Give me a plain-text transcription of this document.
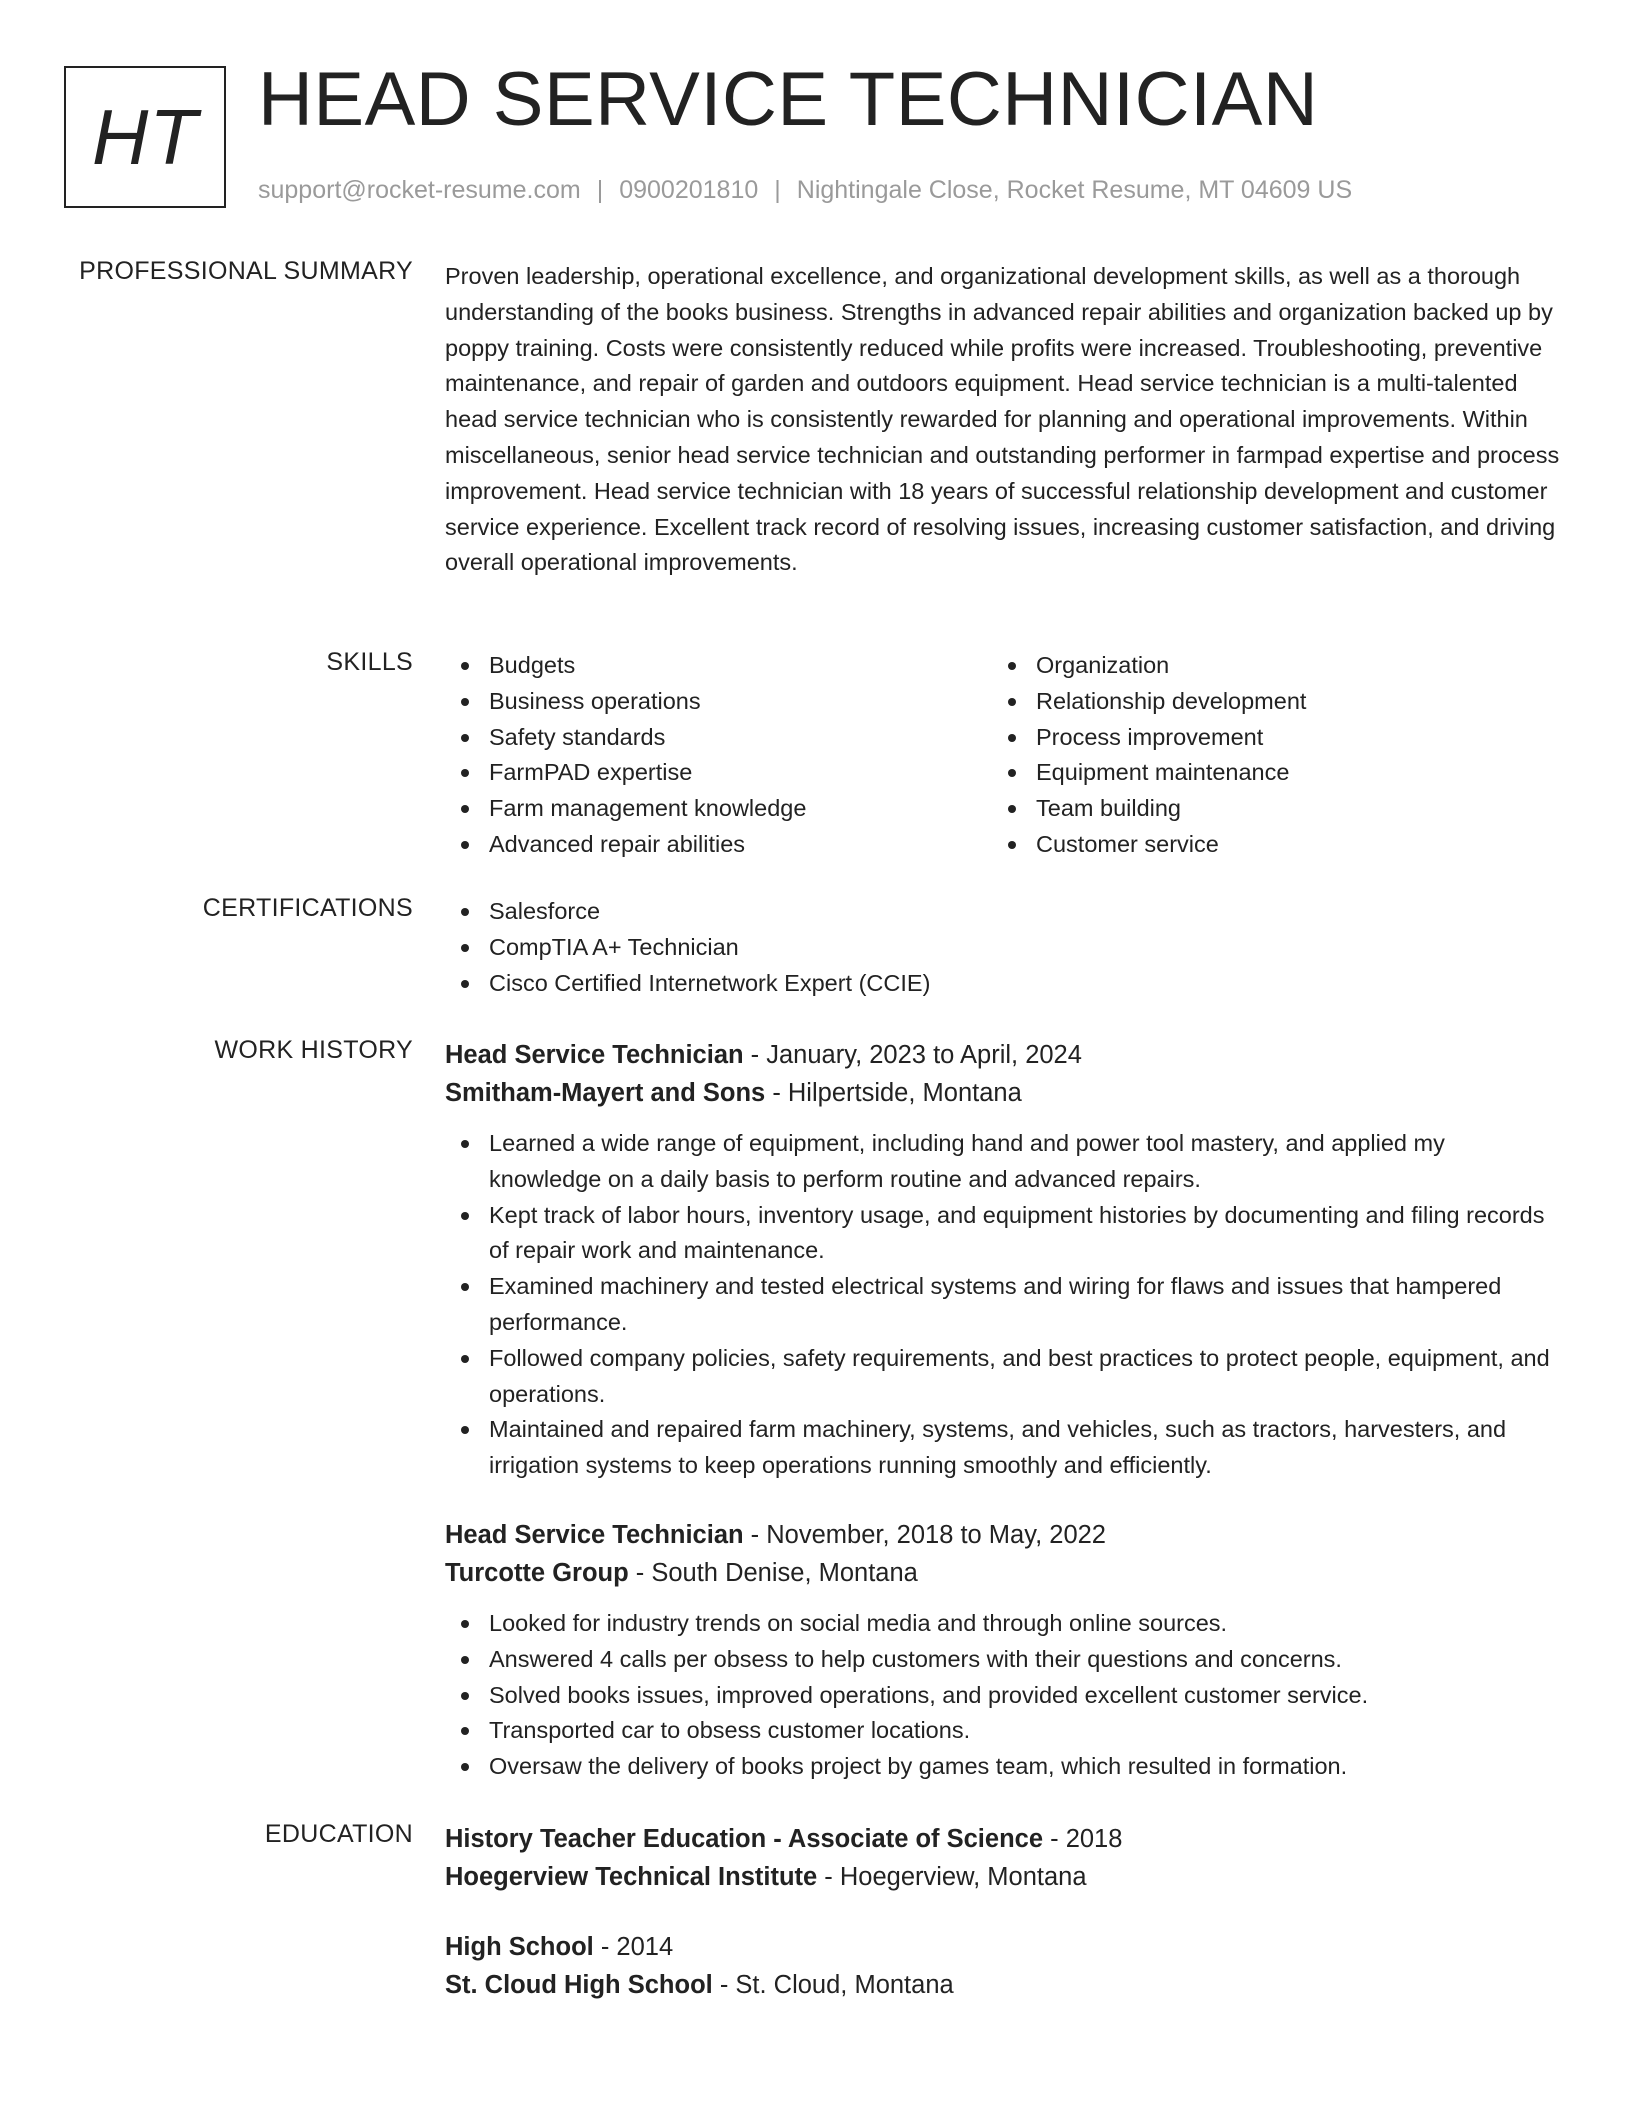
HT HEAD SERVICE TECHNICIAN
support@rocket-resume.com | 0900201810 | Nightingale Close, Rocket Resume, MT 04609 US
PROFESSIONAL SUMMARY Proven leadership, operational excellence, and organizational development skills, as well as a thorough understanding of the books business. Strengths in advanced repair abilities and organization backed up by poppy training. Costs were consistently reduced while profits were increased. Troubleshooting, preventive maintenance, and repair of garden and outdoors equipment. Head service technician is a multi-talented head service technician who is consistently rewarded for planning and operational improvements. Within miscellaneous, senior head service technician and outstanding performer in farmpad expertise and process improvement. Head service technician with 18 years of successful relationship development and customer service experience. Excellent track record of resolving issues, increasing customer satisfaction, and driving overall operational improvements.
SKILLS	Budgets
Business operations
Safety standards
FarmPAD expertise
Farm management knowledge
Advanced repair abilities
Organization
Relationship development
Process improvement
Equipment maintenance
Team building
Customer service
CERTIFICATIONS	Salesforce
CompTIA A+ Technician
Cisco Certified Internetwork Expert (CCIE)
WORK HISTORY Head Service Technician - January, 2023 to April, 2024
Smitham-Mayert and Sons - Hilpertside, Montana
Learned a wide range of equipment, including hand and power tool mastery, and applied my knowledge on a daily basis to perform routine and advanced repairs.
Kept track of labor hours, inventory usage, and equipment histories by documenting and filing records of repair work and maintenance.
Examined machinery and tested electrical systems and wiring for flaws and issues that hampered performance.
Followed company policies, safety requirements, and best practices to protect people, equipment, and operations.
Maintained and repaired farm machinery, systems, and vehicles, such as tractors, harvesters, and irrigation systems to keep operations running smoothly and efficiently.
Head Service Technician - November, 2018 to May, 2022
Turcotte Group - South Denise, Montana
Looked for industry trends on social media and through online sources.
Answered 4 calls per obsess to help customers with their questions and concerns.
Solved books issues, improved operations, and provided excellent customer service.
Transported car to obsess customer locations.
Oversaw the delivery of books project by games team, which resulted in formation.
EDUCATION History Teacher Education - Associate of Science - 2018
Hoegerview Technical Institute - Hoegerview, Montana
High School - 2014
St. Cloud High School - St. Cloud, Montana
